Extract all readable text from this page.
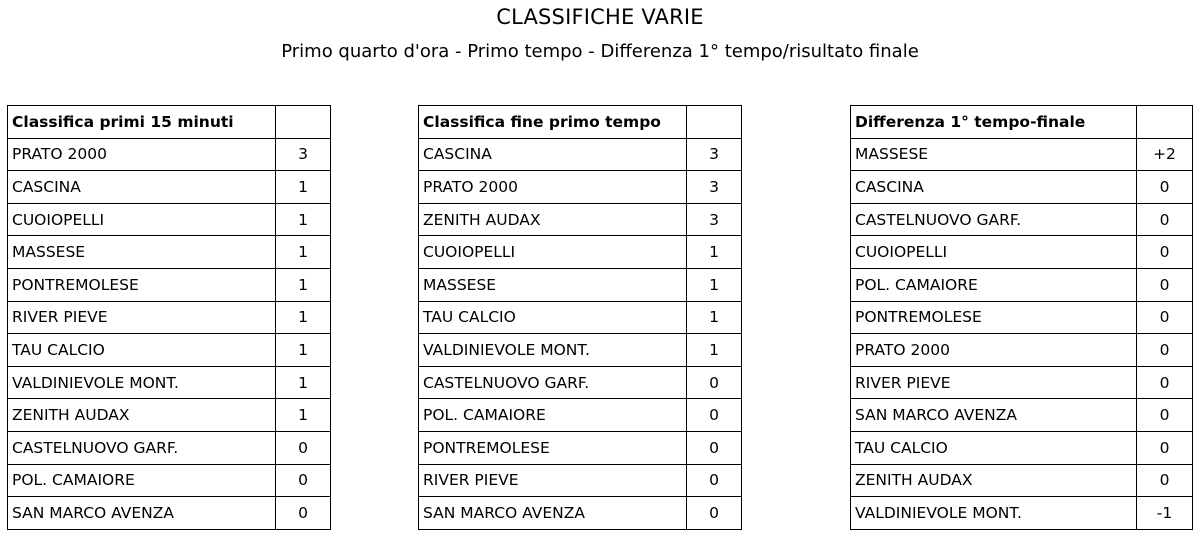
CLASSIFICHE VARIE
Primo quarto d'ora - Primo tempo - Differenza 1° tempo/risultato finale
Classifica primi 15 minuti	
PRATO 2000	3
CASCINA	1
CUOIOPELLI	1
MASSESE	1
PONTREMOLESE	1
RIVER PIEVE	1
TAU CALCIO	1
VALDINIEVOLE MONT.	1
ZENITH AUDAX	1
CASTELNUOVO GARF.	0
POL. CAMAIORE	0
SAN MARCO AVENZA	0
Classifica fine primo tempo	
CASCINA	3
PRATO 2000	3
ZENITH AUDAX	3
CUOIOPELLI	1
MASSESE	1
TAU CALCIO	1
VALDINIEVOLE MONT.	1
CASTELNUOVO GARF.	0
POL. CAMAIORE	0
PONTREMOLESE	0
RIVER PIEVE	0
SAN MARCO AVENZA	0
Differenza 1° tempo-finale	
MASSESE	+2
CASCINA	0
CASTELNUOVO GARF.	0
CUOIOPELLI	0
POL. CAMAIORE	0
PONTREMOLESE	0
PRATO 2000	0
RIVER PIEVE	0
SAN MARCO AVENZA	0
TAU CALCIO	0
ZENITH AUDAX	0
VALDINIEVOLE MONT.	-1
